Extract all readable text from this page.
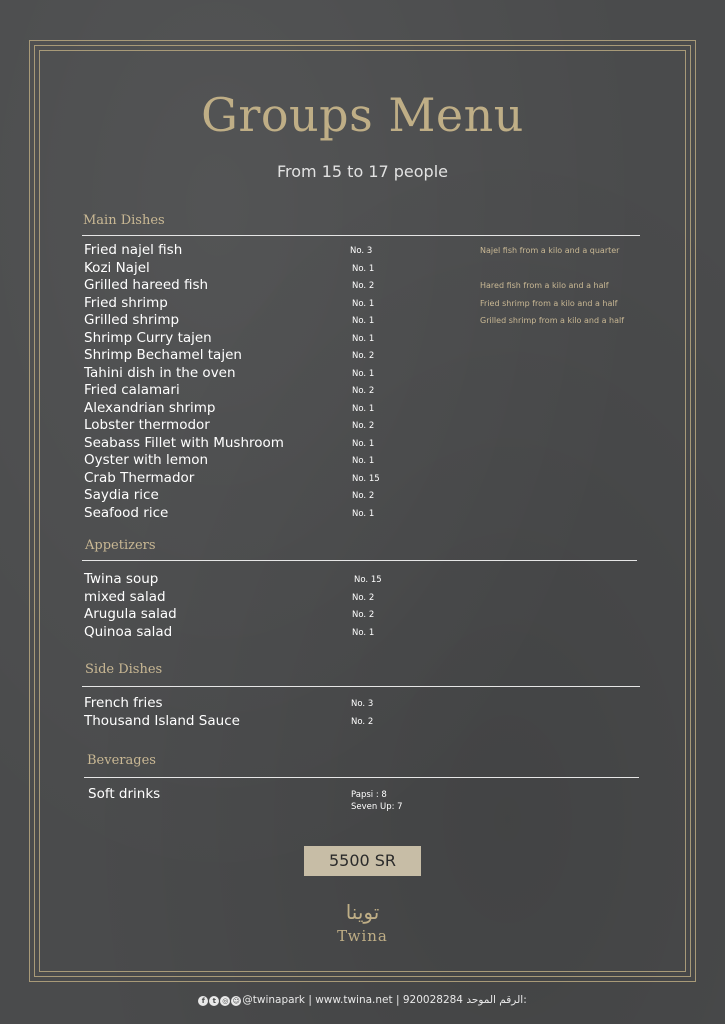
Groups Menu
From 15 to 17 people
Main Dishes
Fried najel fish	No. 3	Najel fish from a kilo and a quarter
Kozi Najel	No. 1
Grilled hareed fish	No. 2	Hared fish from a kilo and a half
Fried shrimp	No. 1	Fried shrimp from a kilo and a half
Grilled shrimp	No. 1	Grilled shrimp from a kilo and a half
Shrimp Curry tajen	No. 1
Shrimp Bechamel tajen	No. 2
Tahini dish in the oven	No. 1
Fried calamari	No. 2
Alexandrian shrimp	No. 1
Lobster thermodor	No. 2
Seabass Fillet with Mushroom	No. 1
Oyster with lemon	No. 1
Crab Thermador	No. 15
Saydia rice	No. 2
Seafood rice	No. 1
Appetizers
Twina soup	No. 15
mixed salad	No. 2
Arugula salad	No. 2
Quinoa salad	No. 1
Side Dishes
French fries	No. 3
Thousand Island Sauce	No. 2
Beverages
Soft drinks	Papsi : 8
Seven Up: 7
5500 SR
توينا
Twina
f t ◎ ☺ @twinapark | www.twina.net | 920028284 الرقم الموحد:
